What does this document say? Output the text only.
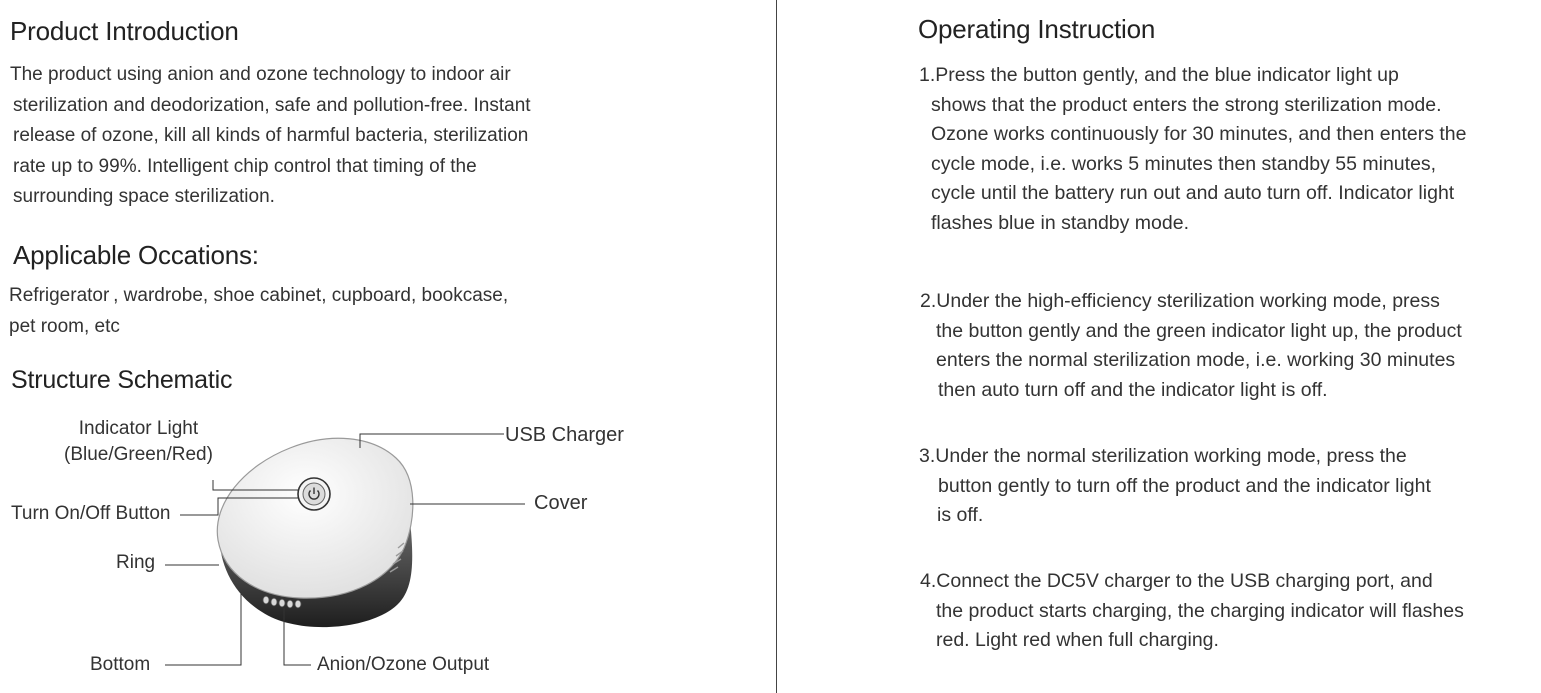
Product Introduction
The product using anion and ozone technology to indoor air
sterilization and deodorization, safe and pollution-free. Instant
release of ozone, kill all kinds of harmful bacteria, sterilization
rate up to 99%. Intelligent chip control that timing of the
surrounding space sterilization.
Applicable Occations:
Refrigerator , wardrobe, shoe cabinet, cupboard, bookcase,
pet room, etc
Structure Schematic
Indicator Light
(Blue/Green/Red)
USB Charger
Cover
Turn On/Off Button
Ring
Bottom	Anion/Ozone Output
Operating Instruction
1.Press the button gently, and the blue indicator light up
shows that the product enters the strong sterilization mode.
Ozone works continuously for 30 minutes, and then enters the
cycle mode, i.e. works 5 minutes then standby 55 minutes,
cycle until the battery run out and auto turn off. Indicator light
flashes blue in standby mode.
2.Under the high-efficiency sterilization working mode, press
the button gently and the green indicator light up, the product
enters the normal sterilization mode, i.e. working 30 minutes
then auto turn off and the indicator light is off.
3.Under the normal sterilization working mode, press the
button gently to turn off the product and the indicator light
is off.
4.Connect the DC5V charger to the USB charging port, and
the product starts charging, the charging indicator will flashes
red. Light red when full charging.
